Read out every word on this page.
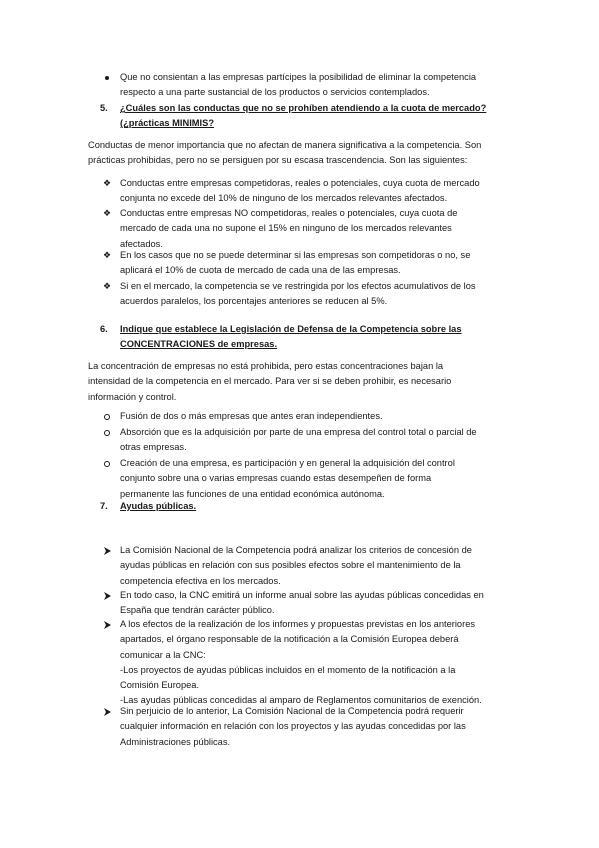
Que no consientan a las empresas partícipes la posibilidad de eliminar la competencia
respecto a una parte sustancial de los productos o servicios contemplados.
5. ¿Cuáles son las conductas que no se prohíben atendiendo a la cuota de mercado?
(¿prácticas MINIMIS?
Conductas de menor importancia que no afectan de manera significativa a la competencia. Son
prácticas prohibidas, pero no se persiguen por su escasa trascendencia. Son las siguientes:
❖ Conductas entre empresas competidoras, reales o potenciales, cuya cuota de mercado
conjunta no excede del 10% de ninguno de los mercados relevantes afectados.
❖ Conductas entre empresas NO competidoras, reales o potenciales, cuya cuota de
mercado de cada una no supone el 15% en ninguno de los mercados relevantes
afectados.
❖ En los casos que no se puede determinar si las empresas son competidoras o no, se
aplicará el 10% de cuota de mercado de cada una de las empresas.
❖ Si en el mercado, la competencia se ve restringida por los efectos acumulativos de los
acuerdos paralelos, los porcentajes anteriores se reducen al 5%.
6. Indique que establece la Legislación de Defensa de la Competencia sobre las
CONCENTRACIONES de empresas.
La concentración de empresas no está prohibida, pero estas concentraciones bajan la
intensidad de la competencia en el mercado. Para ver si se deben prohibir, es necesario
información y control.
Fusión de dos o más empresas que antes eran independientes.
Absorción que es la adquisición por parte de una empresa del control total o parcial de
otras empresas.
Creación de una empresa, es participación y en general la adquisición del control
conjunto sobre una o varias empresas cuando estas desempeñen de forma
permanente las funciones de una entidad económica autónoma.
7. Ayudas públicas.
La Comisión Nacional de la Competencia podrá analizar los criterios de concesión de
ayudas públicas en relación con sus posibles efectos sobre el mantenimiento de la
competencia efectiva en los mercados.
En todo caso, la CNC emitirá un informe anual sobre las ayudas públicas concedidas en
España que tendrán carácter público.
A los efectos de la realización de los informes y propuestas previstas en los anteriores
apartados, el órgano responsable de la notificación a la Comisión Europea deberá
comunicar a la CNC:
-Los proyectos de ayudas públicas incluidos en el momento de la notificación a la
Comisión Europea.
-Las ayudas públicas concedidas al amparo de Reglamentos comunitarios de exención.
Sin perjuicio de lo anterior, La Comisión Nacional de la Competencia podrá requerir
cualquier información en relación con los proyectos y las ayudas concedidas por las
Administraciones públicas.
